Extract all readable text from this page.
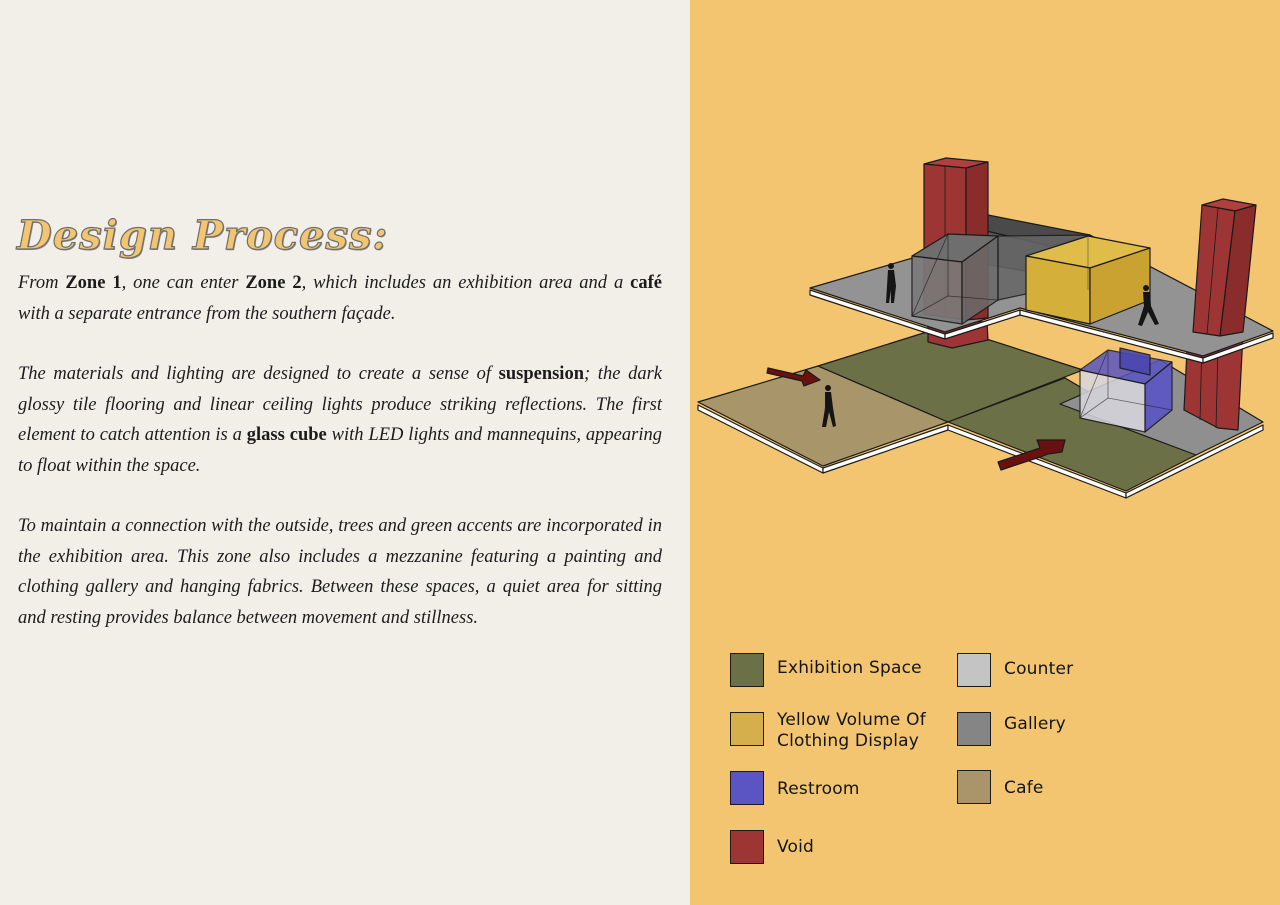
Design Process:

From Zone 1, one can enter Zone 2, which includes an exhibition area and a café with a separate entrance from the southern façade.

The materials and lighting are designed to create a sense of suspension; the dark glossy tile flooring and linear ceiling lights produce striking reflections. The first element to catch attention is a glass cube with LED lights and mannequins, appearing to float within the space.

To maintain a connection with the outside, trees and green accents are incorporated in the exhibition area. This zone also includes a mezzanine featuring a painting and clothing gallery and hanging fabrics. Between these spaces, a quiet area for sitting and resting provides balance between movement and stillness.

Exhibition Space	Counter
Yellow Volume Of
Clothing Display
Gallery
Restroom	Cafe
Void
